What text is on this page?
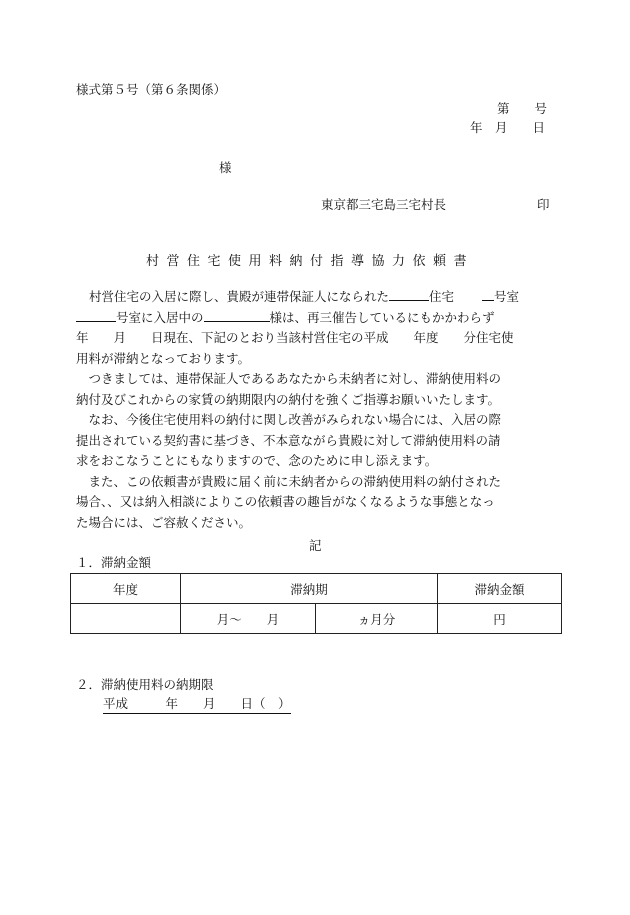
様式第５号（第６条関係）
第　　号
年　月　　日
様
東京都三宅島三宅村長	印
村営住宅使用料納付指導協力依頼書
村営住宅の入居に際し、貴殿が連帯保証人になられた	住宅	号室
号室に入居中の	様は、再三催告しているにもかかわらず
年　　月　　日現在、下記のとおり当該村営住宅の平成　　年度　　分住宅使
用料が滞納となっております。
　つきましては、連帯保証人であるあなたから未納者に対し、滞納使用料の
納付及びこれからの家賃の納期限内の納付を強くご指導お願いいたします。
　なお、今後住宅使用料の納付に関し改善がみられない場合には、入居の際
提出されている契約書に基づき、不本意ながら貴殿に対して滞納使用料の請
求をおこなうことにもなりますので、念のために申し添えます。
　また、この依頼書が貴殿に届く前に未納者からの滞納使用料の納付された
場合、、又は納入相談によりこの依頼書の趣旨がなくなるような事態となっ
た場合には、ご容赦ください。
記
１．滞納金額
年度	滞納期		滞納金額
	月～　　月	ヵ月分	円
２．滞納使用料の納期限
平成　　　年　　月　　日（　）
